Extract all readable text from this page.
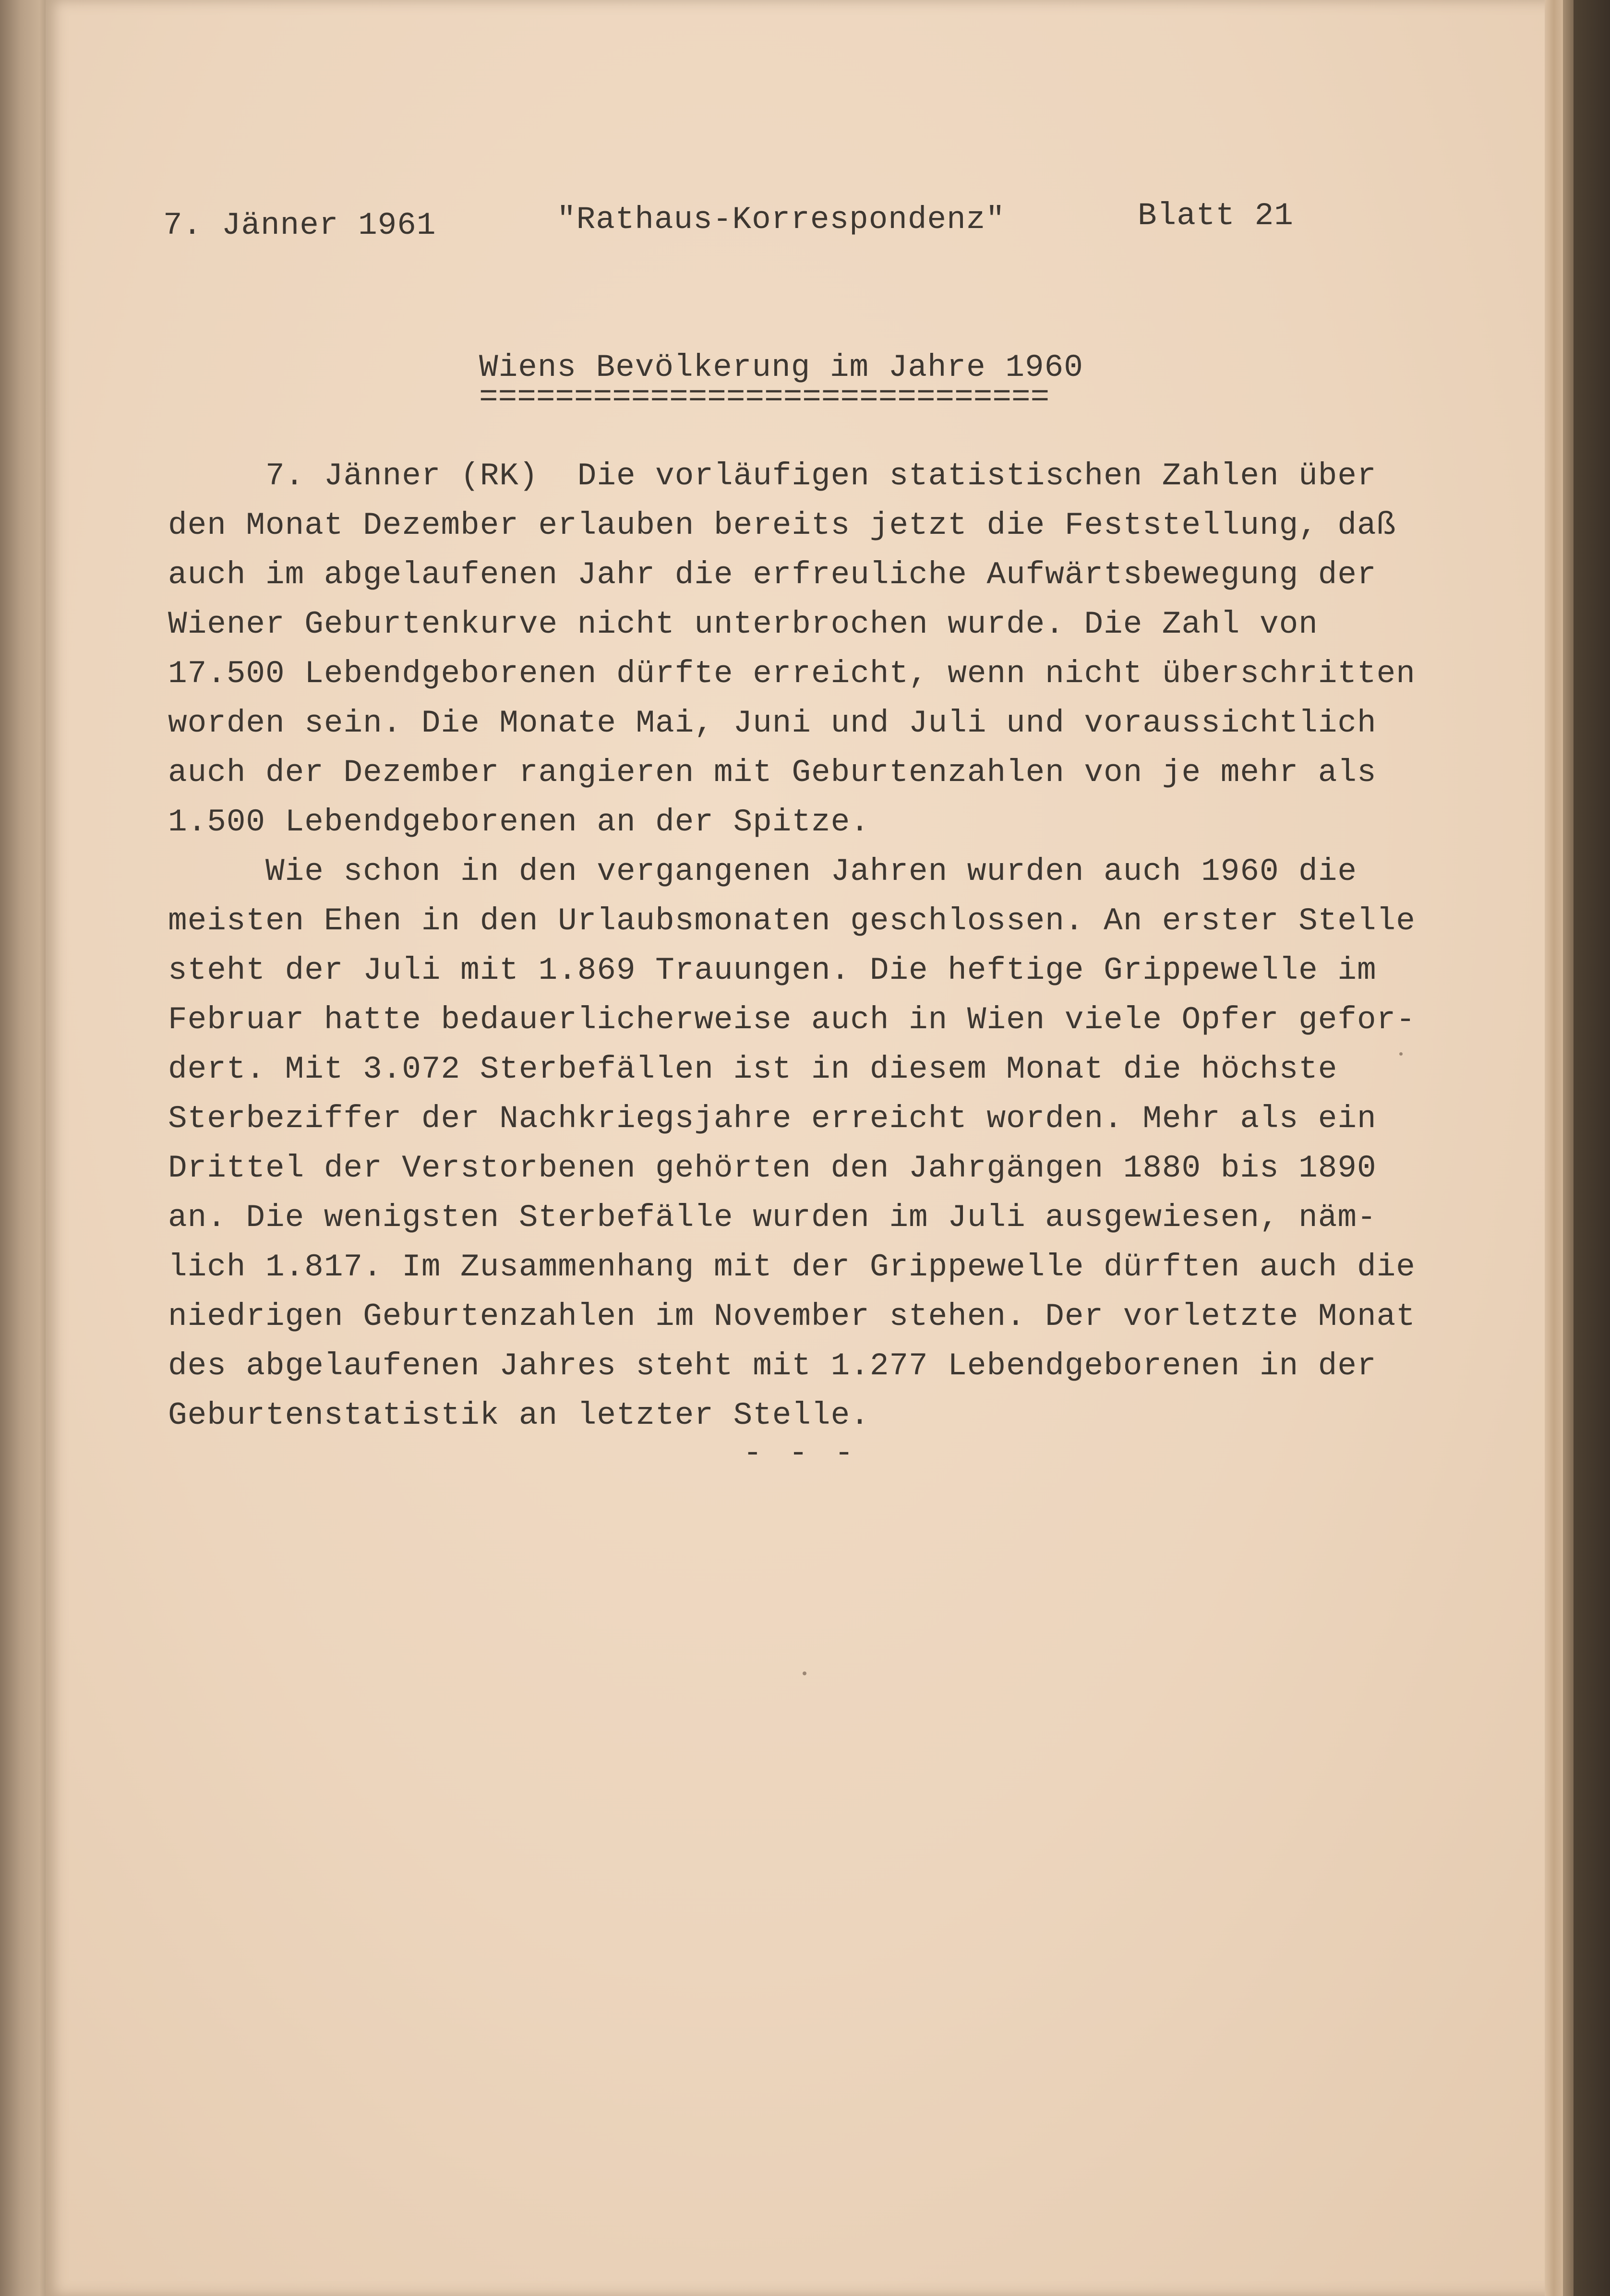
7. Jänner 1961	"Rathaus-Korrespondenz"	Blatt 21

Wiens Bevölkerung im Jahre 1960

==============================

7. Jänner (RK)  Die vorläufigen statistischen Zahlen über
den Monat Dezember erlauben bereits jetzt die Feststellung, daß
auch im abgelaufenen Jahr die erfreuliche Aufwärtsbewegung der
Wiener Geburtenkurve nicht unterbrochen wurde. Die Zahl von
17.500 Lebendgeborenen dürfte erreicht, wenn nicht überschritten
worden sein. Die Monate Mai, Juni und Juli und voraussichtlich
auch der Dezember rangieren mit Geburtenzahlen von je mehr als
1.500 Lebendgeborenen an der Spitze.
Wie schon in den vergangenen Jahren wurden auch 1960 die
meisten Ehen in den Urlaubsmonaten geschlossen. An erster Stelle
steht der Juli mit 1.869 Trauungen. Die heftige Grippewelle im
Februar hatte bedauerlicherweise auch in Wien viele Opfer gefor-
dert. Mit 3.072 Sterbefällen ist in diesem Monat die höchste
Sterbeziffer der Nachkriegsjahre erreicht worden. Mehr als ein
Drittel der Verstorbenen gehörten den Jahrgängen 1880 bis 1890
an. Die wenigsten Sterbefälle wurden im Juli ausgewiesen, näm-
lich 1.817. Im Zusammenhang mit der Grippewelle dürften auch die
niedrigen Geburtenzahlen im November stehen. Der vorletzte Monat
des abgelaufenen Jahres steht mit 1.277 Lebendgeborenen in der
Geburtenstatistik an letzter Stelle.

- - -
